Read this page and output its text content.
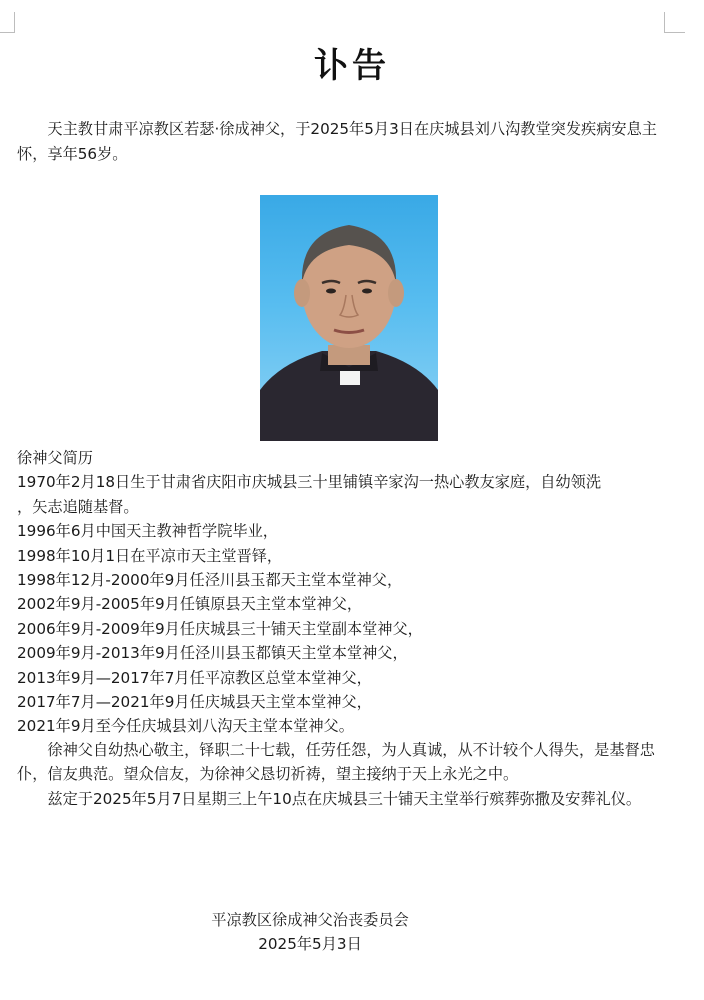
讣告

天主教甘肃平凉教区若瑟·徐成神父，于2025年5月3日在庆城县刘八沟教堂突发疾病安息主怀，享年56岁。

徐神父简历
1970年2月18日生于甘肃省庆阳市庆城县三十里铺镇辛家沟一热心教友家庭，自幼领洗
，矢志追随基督。
1996年6月中国天主教神哲学院毕业，
1998年10月1日在平凉市天主堂晋铎，
1998年12月-2000年9月任泾川县玉都天主堂本堂神父，
2002年9月-2005年9月任镇原县天主堂本堂神父，
2006年9月-2009年9月任庆城县三十铺天主堂副本堂神父，
2009年9月-2013年9月任泾川县玉都镇天主堂本堂神父，
2013年9月—2017年7月任平凉教区总堂本堂神父，
2017年7月—2021年9月任庆城县天主堂本堂神父，
2021年9月至今任庆城县刘八沟天主堂本堂神父。

徐神父自幼热心敬主，铎职二十七载，任劳任怨，为人真诚，从不计较个人得失，是基督忠仆，信友典范。望众信友，为徐神父恳切祈祷，望主接纳于天上永光之中。

兹定于2025年5月7日星期三上午10点在庆城县三十铺天主堂举行殡葬弥撒及安葬礼仪。

平凉教区徐成神父治丧委员会
2025年5月3日
